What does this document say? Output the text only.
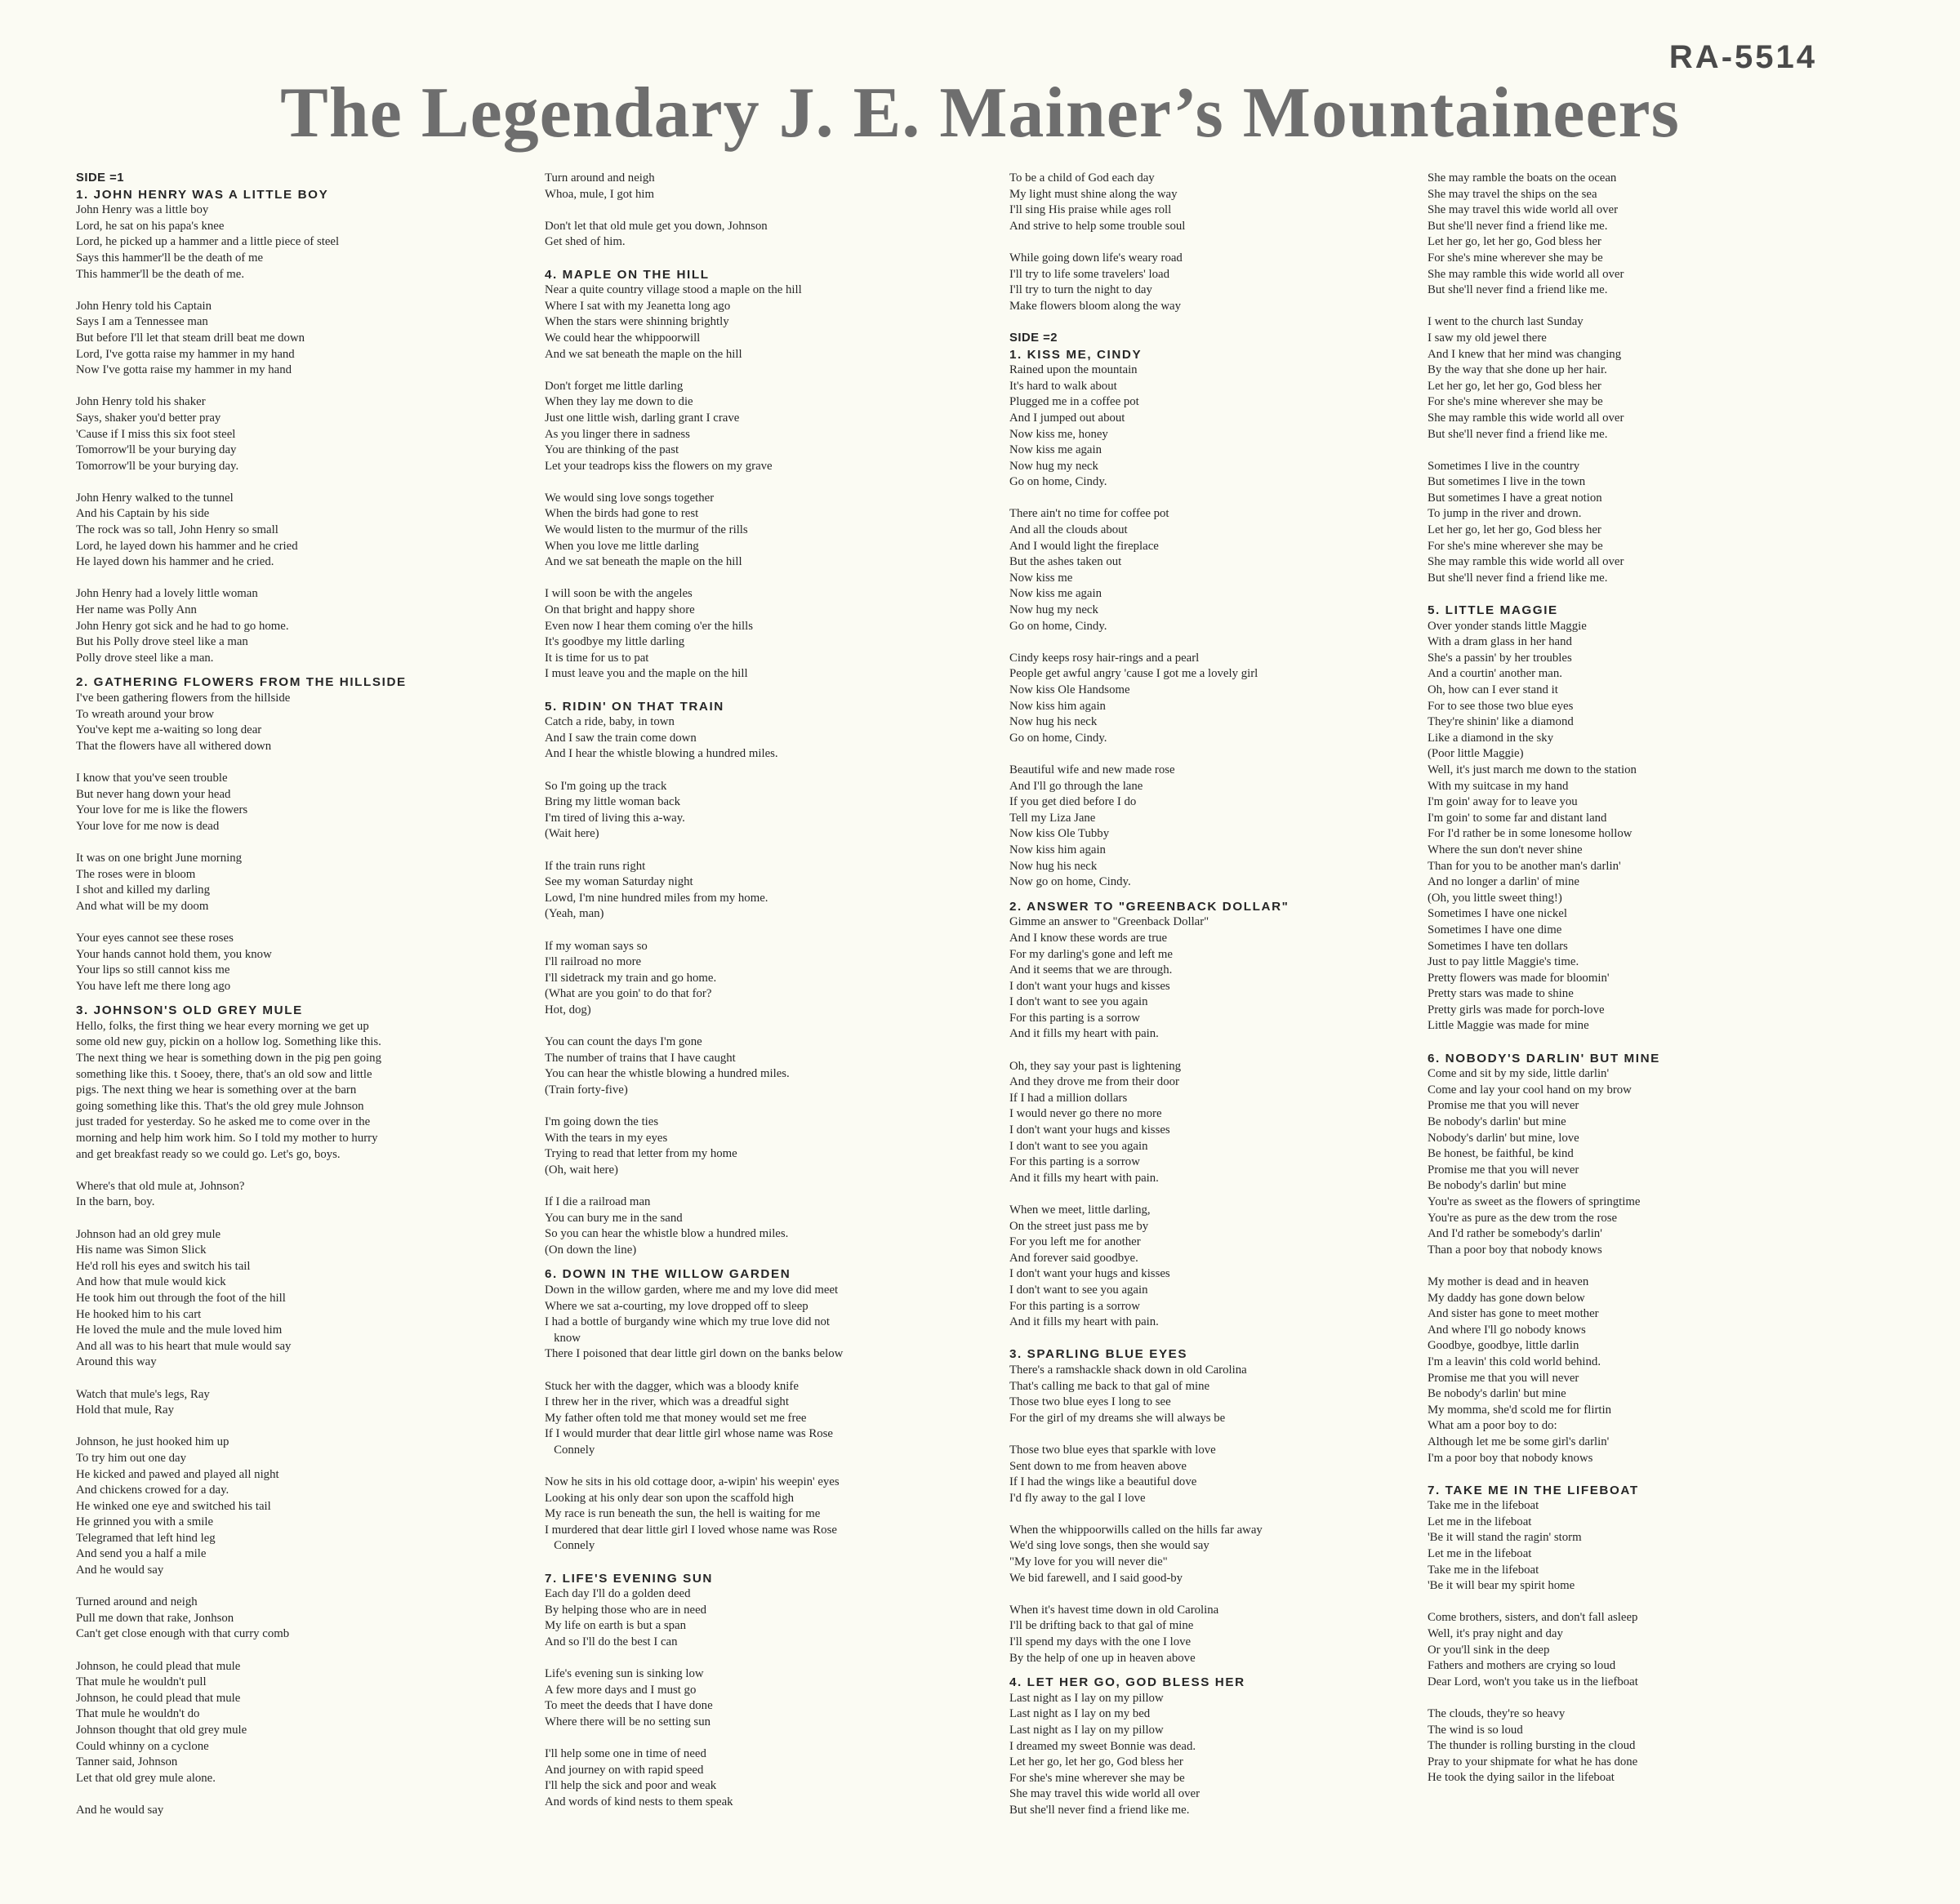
RA-5514
The Legendary J. E. Mainer’s Mountaineers
SIDE =1
1. JOHN HENRY WAS A LITTLE BOY
John Henry was a little boy
Lord, he sat on his papa's knee
Lord, he picked up a hammer and a little piece of steel
Says this hammer'll be the death of me
This hammer'll be the death of me.
John Henry told his Captain
Says I am a Tennessee man
But before I'll let that steam drill beat me down
Lord, I've gotta raise my hammer in my hand
Now I've gotta raise my hammer in my hand
John Henry told his shaker
Says, shaker you'd better pray
'Cause if I miss this six foot steel
Tomorrow'll be your burying day
Tomorrow'll be your burying day.
John Henry walked to the tunnel
And his Captain by his side
The rock was so tall, John Henry so small
Lord, he layed down his hammer and he cried
He layed down his hammer and he cried.
John Henry had a lovely little woman
Her name was Polly Ann
John Henry got sick and he had to go home.
But his Polly drove steel like a man
Polly drove steel like a man.
2. GATHERING FLOWERS FROM THE HILLSIDE
I've been gathering flowers from the hillside
To wreath around your brow
You've kept me a-waiting so long dear
That the flowers have all withered down
I know that you've seen trouble
But never hang down your head
Your love for me is like the flowers
Your love for me now is dead
It was on one bright June morning
The roses were in bloom
I shot and killed my darling
And what will be my doom
Your eyes cannot see these roses
Your hands cannot hold them, you know
Your lips so still cannot kiss me
You have left me there long ago
3. JOHNSON'S OLD GREY MULE
Hello, folks, the first thing we hear every morning we get up
some old new guy, pickin on a hollow log. Something like this.
The next thing we hear is something down in the pig pen going
something like this. t Sooey, there, that's an old sow and little
pigs. The next thing we hear is something over at the barn
going something like this. That's the old grey mule Johnson
just traded for yesterday. So he asked me to come over in the
morning and help him work him. So I told my mother to hurry
and get breakfast ready so we could go. Let's go, boys.
Where's that old mule at, Johnson?
In the barn, boy.
Johnson had an old grey mule
His name was Simon Slick
He'd roll his eyes and switch his tail
And how that mule would kick
He took him out through the foot of the hill
He hooked him to his cart
He loved the mule and the mule loved him
And all was to his heart that mule would say
Around this way
Watch that mule's legs, Ray
Hold that mule, Ray
Johnson, he just hooked him up
To try him out one day
He kicked and pawed and played all night
And chickens crowed for a day.
He winked one eye and switched his tail
He grinned you with a smile
Telegramed that left hind leg
And send you a half a mile
And he would say
Turned around and neigh
Pull me down that rake, Jonhson
Can't get close enough with that curry comb
Johnson, he could plead that mule
That mule he wouldn't pull
Johnson, he could plead that mule
That mule he wouldn't do
Johnson thought that old grey mule
Could whinny on a cyclone
Tanner said, Johnson
Let that old grey mule alone.
And he would say
Turn around and neigh
Whoa, mule, I got him
Don't let that old mule get you down, Johnson
Get shed of him.
4. MAPLE ON THE HILL
Near a quite country village stood a maple on the hill
Where I sat with my Jeanetta long ago
When the stars were shinning brightly
We could hear the whippoorwill
And we sat beneath the maple on the hill
Don't forget me little darling
When they lay me down to die
Just one little wish, darling grant I crave
As you linger there in sadness
You are thinking of the past
Let your teadrops kiss the flowers on my grave
We would sing love songs together
When the birds had gone to rest
We would listen to the murmur of the rills
When you love me little darling
And we sat beneath the maple on the hill
I will soon be with the angeles
On that bright and happy shore
Even now I hear them coming o'er the hills
It's goodbye my little darling
It is time for us to pat
I must leave you and the maple on the hill
5. RIDIN' ON THAT TRAIN
Catch a ride, baby, in town
And I saw the train come down
And I hear the whistle blowing a hundred miles.
So I'm going up the track
Bring my little woman back
I'm tired of living this a-way.
(Wait here)
If the train runs right
See my woman Saturday night
Lowd, I'm nine hundred miles from my home.
(Yeah, man)
If my woman says so
I'll railroad no more
I'll sidetrack my train and go home.
(What are you goin' to do that for?
Hot, dog)
You can count the days I'm gone
The number of trains that I have caught
You can hear the whistle blowing a hundred miles.
(Train forty-five)
I'm going down the ties
With the tears in my eyes
Trying to read that letter from my home
(Oh, wait here)
If I die a railroad man
You can bury me in the sand
So you can hear the whistle blow a hundred miles.
(On down the line)
6. DOWN IN THE WILLOW GARDEN
Down in the willow garden, where me and my love did meet
Where we sat a-courting, my love dropped off to sleep
I had a bottle of burgandy wine which my true love did not
know
There I poisoned that dear little girl down on the banks below
Stuck her with the dagger, which was a bloody knife
I threw her in the river, which was a dreadful sight
My father often told me that money would set me free
If I would murder that dear little girl whose name was Rose
Connely
Now he sits in his old cottage door, a-wipin' his weepin' eyes
Looking at his only dear son upon the scaffold high
My race is run beneath the sun, the hell is waiting for me
I murdered that dear little girl I loved whose name was Rose
Connely
7. LIFE'S EVENING SUN
Each day I'll do a golden deed
By helping those who are in need
My life on earth is but a span
And so I'll do the best I can
Life's evening sun is sinking low
A few more days and I must go
To meet the deeds that I have done
Where there will be no setting sun
I'll help some one in time of need
And journey on with rapid speed
I'll help the sick and poor and weak
And words of kind nests to them speak
To be a child of God each day
My light must shine along the way
I'll sing His praise while ages roll
And strive to help some trouble soul
While going down life's weary road
I'll try to life some travelers' load
I'll try to turn the night to day
Make flowers bloom along the way
SIDE =2
1. KISS ME, CINDY
Rained upon the mountain
It's hard to walk about
Plugged me in a coffee pot
And I jumped out about
Now kiss me, honey
Now kiss me again
Now hug my neck
Go on home, Cindy.
There ain't no time for coffee pot
And all the clouds about
And I would light the fireplace
But the ashes taken out
Now kiss me
Now kiss me again
Now hug my neck
Go on home, Cindy.
Cindy keeps rosy hair-rings and a pearl
People get awful angry 'cause I got me a lovely girl
Now kiss Ole Handsome
Now kiss him again
Now hug his neck
Go on home, Cindy.
Beautiful wife and new made rose
And I'll go through the lane
If you get died before I do
Tell my Liza Jane
Now kiss Ole Tubby
Now kiss him again
Now hug his neck
Now go on home, Cindy.
2. ANSWER TO "GREENBACK DOLLAR"
Gimme an answer to "Greenback Dollar"
And I know these words are true
For my darling's gone and left me
And it seems that we are through.
I don't want your hugs and kisses
I don't want to see you again
For this parting is a sorrow
And it fills my heart with pain.
Oh, they say your past is lightening
And they drove me from their door
If I had a million dollars
I would never go there no more
I don't want your hugs and kisses
I don't want to see you again
For this parting is a sorrow
And it fills my heart with pain.
When we meet, little darling,
On the street just pass me by
For you left me for another
And forever said goodbye.
I don't want your hugs and kisses
I don't want to see you again
For this parting is a sorrow
And it fills my heart with pain.
3. SPARLING BLUE EYES
There's a ramshackle shack down in old Carolina
That's calling me back to that gal of mine
Those two blue eyes I long to see
For the girl of my dreams she will always be
Those two blue eyes that sparkle with love
Sent down to me from heaven above
If I had the wings like a beautiful dove
I'd fly away to the gal I love
When the whippoorwills called on the hills far away
We'd sing love songs, then she would say
"My love for you will never die"
We bid farewell, and I said good-by
When it's havest time down in old Carolina
I'll be drifting back to that gal of mine
I'll spend my days with the one I love
By the help of one up in heaven above
4. LET HER GO, GOD BLESS HER
Last night as I lay on my pillow
Last night as I lay on my bed
Last night as I lay on my pillow
I dreamed my sweet Bonnie was dead.
Let her go, let her go, God bless her
For she's mine wherever she may be
She may travel this wide world all over
But she'll never find a friend like me.
She may ramble the boats on the ocean
She may travel the ships on the sea
She may travel this wide world all over
But she'll never find a friend like me.
Let her go, let her go, God bless her
For she's mine wherever she may be
She may ramble this wide world all over
But she'll never find a friend like me.
I went to the church last Sunday
I saw my old jewel there
And I knew that her mind was changing
By the way that she done up her hair.
Let her go, let her go, God bless her
For she's mine wherever she may be
She may ramble this wide world all over
But she'll never find a friend like me.
Sometimes I live in the country
But sometimes I live in the town
But sometimes I have a great notion
To jump in the river and drown.
Let her go, let her go, God bless her
For she's mine wherever she may be
She may ramble this wide world all over
But she'll never find a friend like me.
5. LITTLE MAGGIE
Over yonder stands little Maggie
With a dram glass in her hand
She's a passin' by her troubles
And a courtin' another man.
Oh, how can I ever stand it
For to see those two blue eyes
They're shinin' like a diamond
Like a diamond in the sky
(Poor little Maggie)
Well, it's just march me down to the station
With my suitcase in my hand
I'm goin' away for to leave you
I'm goin' to some far and distant land
For I'd rather be in some lonesome hollow
Where the sun don't never shine
Than for you to be another man's darlin'
And no longer a darlin' of mine
(Oh, you little sweet thing!)
Sometimes I have one nickel
Sometimes I have one dime
Sometimes I have ten dollars
Just to pay little Maggie's time.
Pretty flowers was made for bloomin'
Pretty stars was made to shine
Pretty girls was made for porch-love
Little Maggie was made for mine
6. NOBODY'S DARLIN' BUT MINE
Come and sit by my side, little darlin'
Come and lay your cool hand on my brow
Promise me that you will never
Be nobody's darlin' but mine
Nobody's darlin' but mine, love
Be honest, be faithful, be kind
Promise me that you will never
Be nobody's darlin' but mine
You're as sweet as the flowers of springtime
You're as pure as the dew trom the rose
And I'd rather be somebody's darlin'
Than a poor boy that nobody knows
My mother is dead and in heaven
My daddy has gone down below
And sister has gone to meet mother
And where I'll go nobody knows
Goodbye, goodbye, little darlin
I'm a leavin' this cold world behind.
Promise me that you will never
Be nobody's darlin' but mine
My momma, she'd scold me for flirtin
What am a poor boy to do:
Although let me be some girl's darlin'
I'm a poor boy that nobody knows
7. TAKE ME IN THE LIFEBOAT
Take me in the lifeboat
Let me in the lifeboat
'Be it will stand the ragin' storm
Let me in the lifeboat
Take me in the lifeboat
'Be it will bear my spirit home
Come brothers, sisters, and don't fall asleep
Well, it's pray night and day
Or you'll sink in the deep
Fathers and mothers are crying so loud
Dear Lord, won't you take us in the liefboat
The clouds, they're so heavy
The wind is so loud
The thunder is rolling bursting in the cloud
Pray to your shipmate for what he has done
He took the dying sailor in the lifeboat
